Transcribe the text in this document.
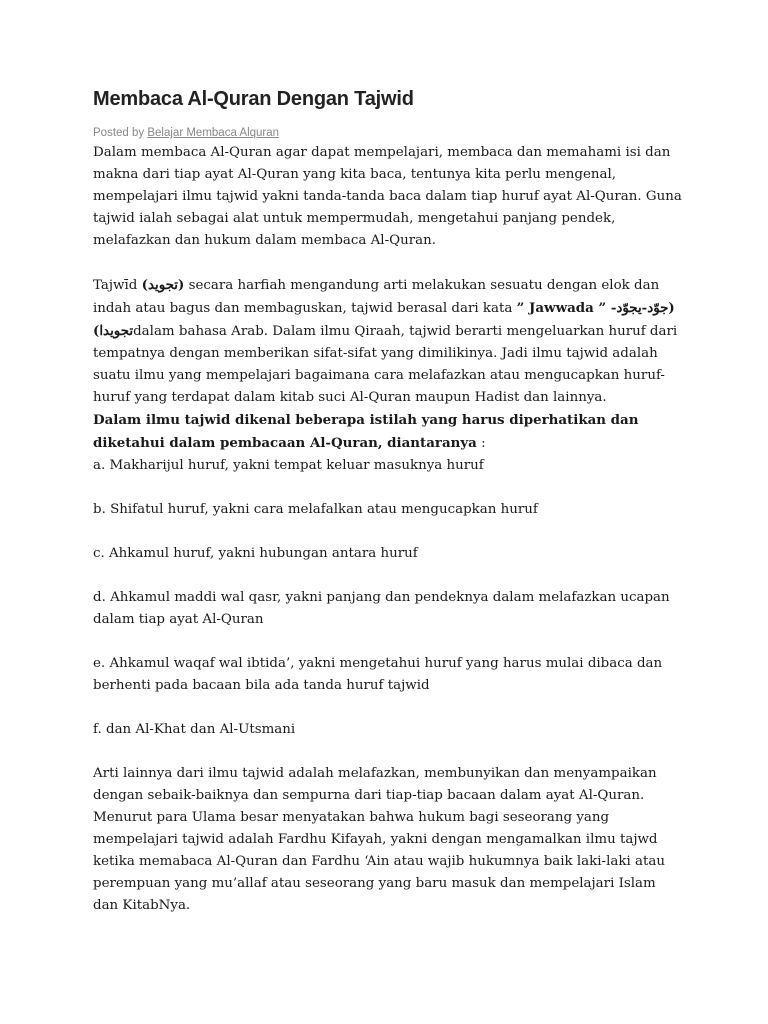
Membaca Al-Quran Dengan Tajwid
Posted by Belajar Membaca Alquran

Dalam membaca Al-Quran agar dapat mempelajari, membaca dan memahami isi dan makna dari tiap ayat Al-Quran yang kita baca, tentunya kita perlu mengenal, mempelajari ilmu tajwid yakni tanda-tanda baca dalam tiap huruf ayat Al-Quran. Guna tajwid ialah sebagai alat untuk mempermudah, mengetahui panjang pendek, melafazkan dan hukum dalam membaca Al-Quran.

Tajwīd (تجويد) secara harfiah mengandung arti melakukan sesuatu dengan elok dan indah atau bagus dan membaguskan, tajwid berasal dari kata ” Jawwada ” (جوّد-يجوّد-تجويدا)dalam bahasa Arab. Dalam ilmu Qiraah, tajwid berarti mengeluarkan huruf dari tempatnya dengan memberikan sifat-sifat yang dimilikinya. Jadi ilmu tajwid adalah suatu ilmu yang mempelajari bagaimana cara melafazkan atau mengucapkan huruf-huruf yang terdapat dalam kitab suci Al-Quran maupun Hadist dan lainnya.

Dalam ilmu tajwid dikenal beberapa istilah yang harus diperhatikan dan diketahui dalam pembacaan Al-Quran, diantaranya :

a. Makharijul huruf, yakni tempat keluar masuknya huruf

b. Shifatul huruf, yakni cara melafalkan atau mengucapkan huruf

c. Ahkamul huruf, yakni hubungan antara huruf

d. Ahkamul maddi wal qasr, yakni panjang dan pendeknya dalam melafazkan ucapan dalam tiap ayat Al-Quran

e. Ahkamul waqaf wal ibtida’, yakni mengetahui huruf yang harus mulai dibaca dan berhenti pada bacaan bila ada tanda huruf tajwid

f. dan Al-Khat dan Al-Utsmani

Arti lainnya dari ilmu tajwid adalah melafazkan, membunyikan dan menyampaikan dengan sebaik-baiknya dan sempurna dari tiap-tiap bacaan dalam ayat Al-Quran. Menurut para Ulama besar menyatakan bahwa hukum bagi seseorang yang mempelajari tajwid adalah Fardhu Kifayah, yakni dengan mengamalkan ilmu tajwd ketika memabaca Al-Quran dan Fardhu ‘Ain atau wajib hukumnya baik laki-laki atau perempuan yang mu’allaf atau seseorang yang baru masuk dan mempelajari Islam dan KitabNya.
